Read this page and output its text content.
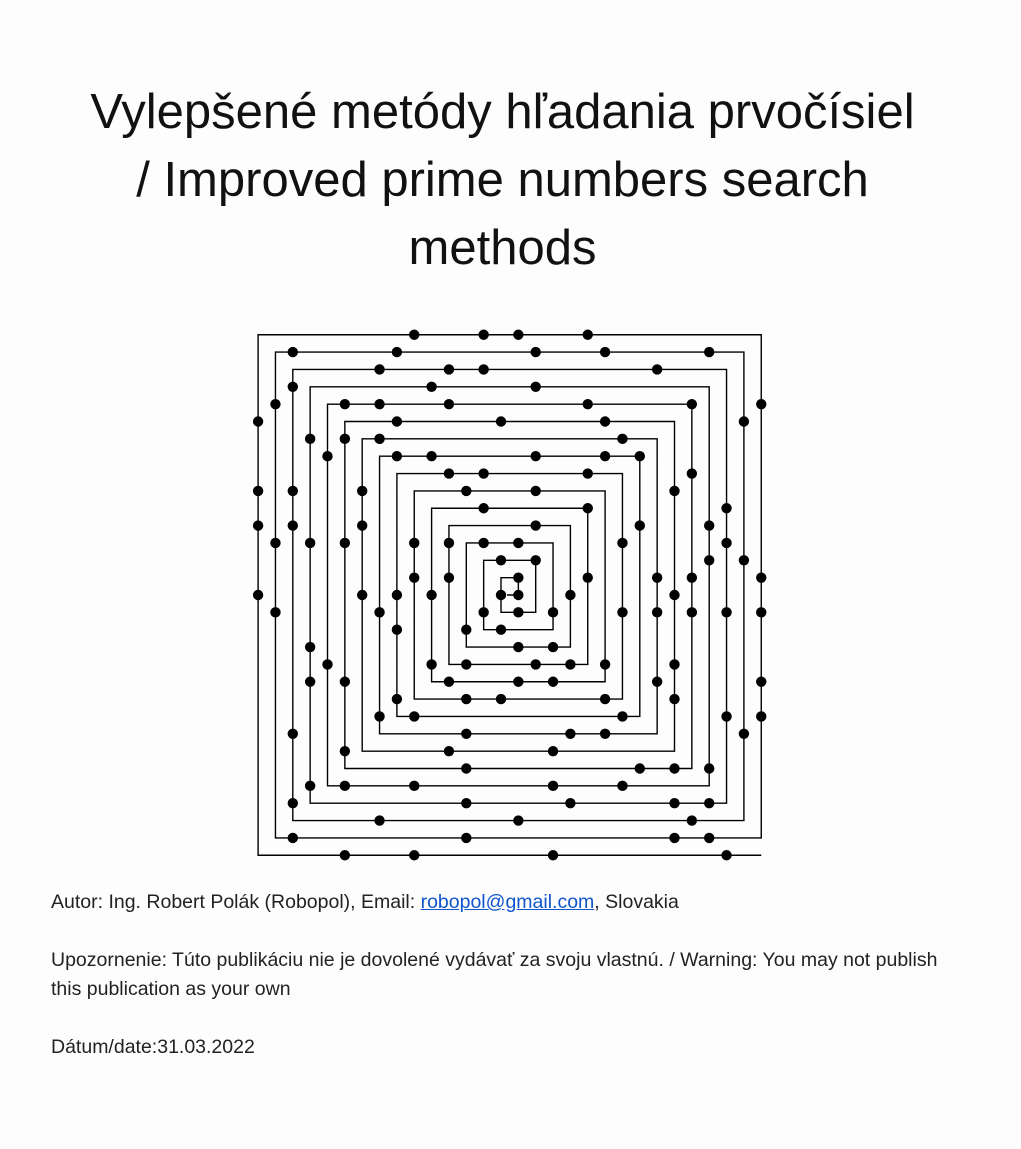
Vylepšené metódy hľadania prvočísiel
/ Improved prime numbers search
methods

Autor: Ing. Robert Polák (Robopol), Email: robopol@gmail.com, Slovakia

Upozornenie: Túto publikáciu nie je dovolené vydávať za svoju vlastnú. / Warning: You may not publish this publication as your own

Dátum/date:31.03.2022
